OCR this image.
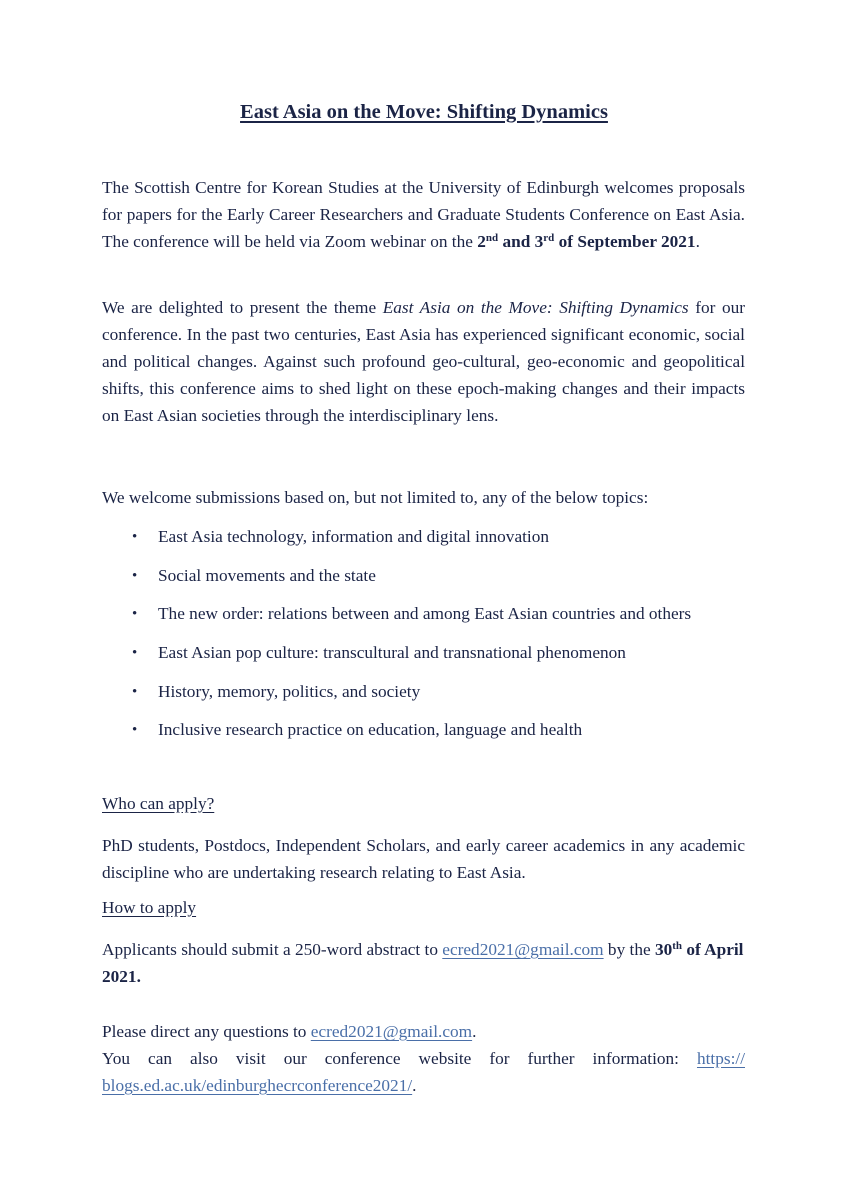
East Asia on the Move: Shifting Dynamics

The Scottish Centre for Korean Studies at the University of Edinburgh welcomes proposals for papers for the Early Career Researchers and Graduate Students Conference on East Asia. The conference will be held via Zoom webinar on the 2nd and 3rd of September 2021.

We are delighted to present the theme East Asia on the Move: Shifting Dynamics for our conference. In the past two centuries, East Asia has experienced significant economic, social and political changes. Against such profound geo-cultural, geo-economic and geopolitical shifts, this conference aims to shed light on these epoch-making changes and their impacts on East Asian societies through the interdisciplinary lens.

We welcome submissions based on, but not limited to, any of the below topics:

• East Asia technology, information and digital innovation
• Social movements and the state
• The new order: relations between and among East Asian countries and others
• East Asian pop culture: transcultural and transnational phenomenon
• History, memory, politics, and society
• Inclusive research practice on education, language and health
Who can apply?

PhD students, Postdocs, Independent Scholars, and early career academics in any academic discipline who are undertaking research relating to East Asia.

How to apply

Applicants should submit a 250-word abstract to ecred2021@gmail.com by the 30th of April 2021.

Please direct any questions to ecred2021@gmail.com.

You can also visit our conference website for further information: https://
blogs.ed.ac.uk/edinburghecrconference2021/.
